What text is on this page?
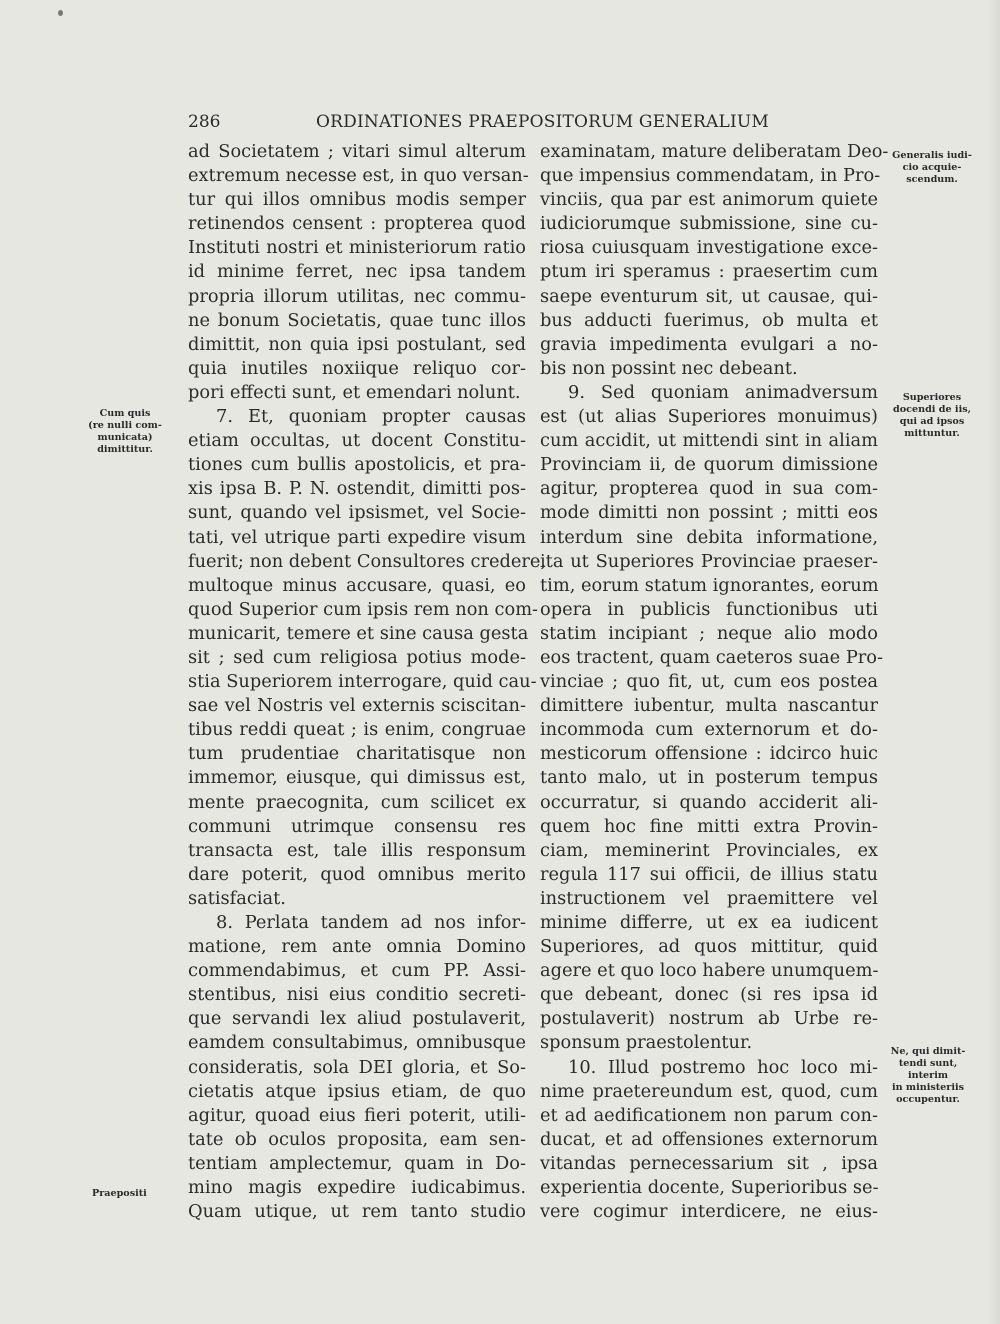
286	ORDINATIONES PRAEPOSITORUM GENERALIUM
ad Societatem ; vitari simul alterum
extremum necesse est, in quo versan-
tur qui illos omnibus modis semper
retinendos censent : propterea quod
Instituti nostri et ministeriorum ratio
id minime ferret, nec ipsa tandem
propria illorum utilitas, nec commu-
ne bonum Societatis, quae tunc illos
dimittit, non quia ipsi postulant, sed
quia inutiles noxiique reliquo cor-
pori effecti sunt, et emendari nolunt.
7. Et, quoniam propter causas
etiam occultas, ut docent Constitu-
tiones cum bullis apostolicis, et pra-
xis ipsa B. P. N. ostendit, dimitti pos-
sunt, quando vel ipsismet, vel Socie-
tati, vel utrique parti expedire visum
fuerit; non debent Consultores credere,
multoque minus accusare, quasi, eo
quod Superior cum ipsis rem non com-
municarit, temere et sine causa gesta
sit ; sed cum religiosa potius mode-
stia Superiorem interrogare, quid cau-
sae vel Nostris vel externis sciscitan-
tibus reddi queat ; is enim, congruae
tum prudentiae charitatisque non
immemor, eiusque, qui dimissus est,
mente praecognita, cum scilicet ex
communi utrimque consensu res
transacta est, tale illis responsum
dare poterit, quod omnibus merito
satisfaciat.
8. Perlata tandem ad nos infor-
matione, rem ante omnia Domino
commendabimus, et cum PP. Assi-
stentibus, nisi eius conditio secreti-
que servandi lex aliud postulaverit,
eamdem consultabimus, omnibusque
consideratis, sola DEI gloria, et So-
cietatis atque ipsius etiam, de quo
agitur, quoad eius fieri poterit, utili-
tate ob oculos proposita, eam sen-
tentiam amplectemur, quam in Do-
mino magis expedire iudicabimus.
Quam utique, ut rem tanto studio
examinatam, mature deliberatam Deo-
que impensius commendatam, in Pro-
vinciis, qua par est animorum quiete
iudiciorumque submissione, sine cu-
riosa cuiusquam investigatione exce-
ptum iri speramus : praesertim cum
saepe eventurum sit, ut causae, qui-
bus adducti fuerimus, ob multa et
gravia impedimenta evulgari a no-
bis non possint nec debeant.
9. Sed quoniam animadversum
est (ut alias Superiores monuimus)
cum accidit, ut mittendi sint in aliam
Provinciam ii, de quorum dimissione
agitur, propterea quod in sua com-
mode dimitti non possint ; mitti eos
interdum sine debita informatione,
ita ut Superiores Provinciae praeser-
tim, eorum statum ignorantes, eorum
opera in publicis functionibus uti
statim incipiant ; neque alio modo
eos tractent, quam caeteros suae Pro-
vinciae ; quo fit, ut, cum eos postea
dimittere iubentur, multa nascantur
incommoda cum externorum et do-
mesticorum offensione : idcirco huic
tanto malo, ut in posterum tempus
occurratur, si quando acciderit ali-
quem hoc fine mitti extra Provin-
ciam, meminerint Provinciales, ex
regula 117 sui officii, de illius statu
instructionem vel praemittere vel
minime differre, ut ex ea iudicent
Superiores, ad quos mittitur, quid
agere et quo loco habere unumquem-
que debeant, donec (si res ipsa id
postulaverit) nostrum ab Urbe re-
sponsum praestolentur.
10. Illud postremo hoc loco mi-
nime praetereundum est, quod, cum
et ad aedificationem non parum con-
ducat, et ad offensiones externorum
vitandas pernecessarium sit , ipsa
experientia docente, Superioribus se-
vere cogimur interdicere, ne eius-
Cum quis
(re nulli com-
municata)
dimittitur.
Praepositi
Generalis iudi-
cio acquie-
scendum.
Superiores
docendi de iis,
qui ad ipsos
mittuntur.
Ne, qui dimit-
tendi sunt,
interim
in ministeriis
occupentur.
